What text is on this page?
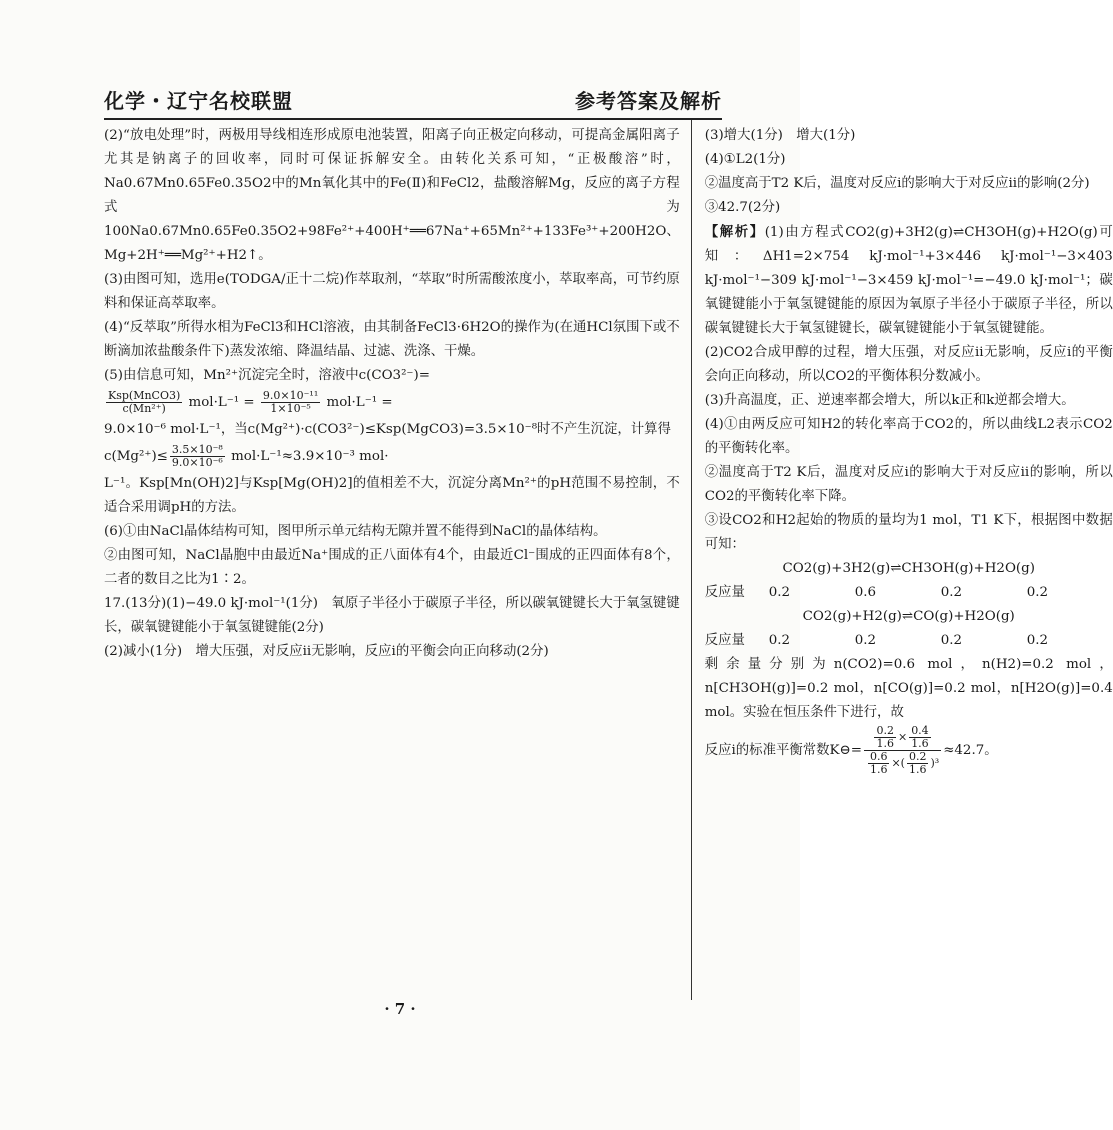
化学・辽宁名校联盟	参考答案及解析

(2)“放电处理”时，两极用导线相连形成原电池装置，阳离子向正极定向移动，可提高金属阳离子尤其是钠离子的回收率，同时可保证拆解安全。由转化关系可知，“正极酸溶”时，Na0.67Mn0.65Fe0.35O2中的Mn氧化其中的Fe(Ⅱ)和FeCl2，盐酸溶解Mg，反应的离子方程式为100Na0.67Mn0.65Fe0.35O2+98Fe²⁺+400H⁺══67Na⁺+65Mn²⁺+133Fe³⁺+200H2O、Mg+2H⁺══Mg²⁺+H2↑。

(3)由图可知，选用e(TODGA/正十二烷)作萃取剂，“萃取”时所需酸浓度小，萃取率高，可节约原料和保证高萃取率。

(4)“反萃取”所得水相为FeCl3和HCl溶液，由其制备FeCl3·6H2O的操作为(在通HCl氛围下或不断滴加浓盐酸条件下)蒸发浓缩、降温结晶、过滤、洗涤、干燥。

(5)由信息可知，Mn²⁺沉淀完全时，溶液中c(CO3²⁻)=

$\frac{\text{Ksp(MnCO3)}}{\text{c(Mn²⁺)}} mol\cdot L^{-1} = \frac{\text{9.0×10⁻¹¹}}{\text{1×10⁻⁵}} mol\cdot L^{-1}$ =

9.0×10⁻⁶ mol·L⁻¹，当c(Mg²⁺)·c(CO3²⁻)≤Ksp(MgCO3)=3.5×10⁻⁸时不产生沉淀，计算得

$c(Mg^{2+})\le \frac{\text{3.5×10⁻⁸}}{\text{9.0×10⁻⁶}} mol\cdot L^{-1}\approx 3.9\times 10^{-3}$ mol·

L⁻¹。Ksp[Mn(OH)2]与Ksp[Mg(OH)2]的值相差不大，沉淀分离Mn²⁺的pH范围不易控制，不适合采用调pH的方法。

(6)①由NaCl晶体结构可知，图甲所示单元结构无隙并置不能得到NaCl的晶体结构。

②由图可知，NaCl晶胞中由最近Na⁺围成的正八面体有4个，由最近Cl⁻围成的正四面体有8个，二者的数目之比为1∶2。

17.(13分)(1)−49.0 kJ·mol⁻¹(1分)　氧原子半径小于碳原子半径，所以碳氧键键长大于氧氢键键长，碳氧键键能小于氧氢键键能(2分)

(2)减小(1分)　增大压强，对反应ii无影响，反应i的平衡会向正向移动(2分)

(3)增大(1分)　增大(1分)

(4)①L2(1分)

②温度高于T2 K后，温度对反应i的影响大于对反应ii的影响(2分)

③42.7(2分)

【解析】(1)由方程式CO2(g)+3H2(g)⇌CH3OH(g)+H2O(g)可知：ΔH1=2×754 kJ·mol⁻¹+3×446 kJ·mol⁻¹−3×403 kJ·mol⁻¹−309 kJ·mol⁻¹−3×459 kJ·mol⁻¹=−49.0 kJ·mol⁻¹；碳氧键键能小于氧氢键键能的原因为氧原子半径小于碳原子半径，所以碳氧键键长大于氧氢键键长，碳氧键键能小于氧氢键键能。

(2)CO2合成甲醇的过程，增大压强，对反应ii无影响，反应i的平衡会向正向移动，所以CO2的平衡体积分数减小。

(3)升高温度，正、逆速率都会增大，所以k正和k逆都会增大。

(4)①由两反应可知H2的转化率高于CO2的，所以曲线L2表示CO2的平衡转化率。

②温度高于T2 K后，温度对反应i的影响大于对反应ii的影响，所以CO2的平衡转化率下降。

③设CO2和H2起始的物质的量均为1 mol，T1 K下，根据图中数据可知：

CO2(g)+3H2(g)⇌CH3OH(g)+H2O(g)

反应量	0.2	0.6	0.2	0.2

CO2(g)+H2(g)⇌CO(g)+H2O(g)

反应量	0.2	0.2	0.2	0.2

剩余量分别为n(CO2)=0.6 mol，n(H2)=0.2 mol，n[CH3OH(g)]=0.2 mol，n[CO(g)]=0.2 mol，n[H2O(g)]=0.4 mol。实验在恒压条件下进行，故

反应i的标准平衡常数K⊖= $\frac{\frac{0.2}{1.6} \times \frac{0.4}{1.6}}{\frac{0.6}{1.6} \times( \frac{0.2}{1.6} )^3} \approx 42.7$。

· 7 ·
